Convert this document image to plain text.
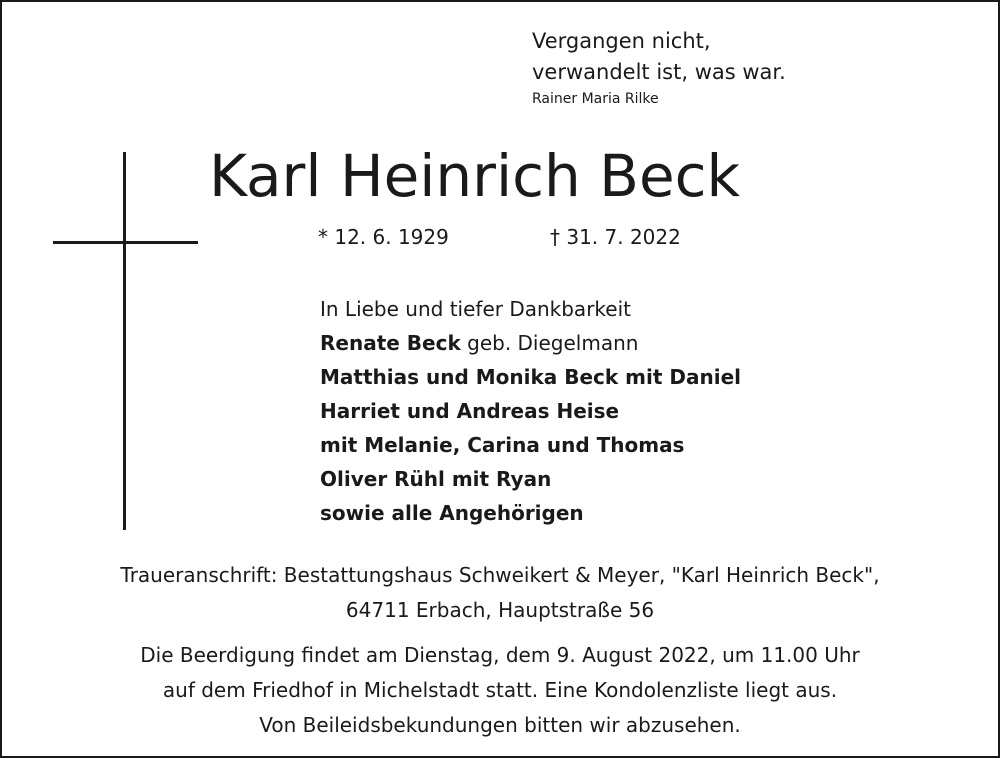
Vergangen nicht,
verwandelt ist, was war.
Rainer Maria Rilke
Karl Heinrich Beck
* 12. 6. 1929	† 31. 7. 2022
In Liebe und tiefer Dankbarkeit
Renate Beck geb. Diegelmann
Matthias und Monika Beck mit Daniel
Harriet und Andreas Heise
mit Melanie, Carina und Thomas
Oliver Rühl mit Ryan
sowie alle Angehörigen
Traueranschrift: Bestattungshaus Schweikert & Meyer, "Karl Heinrich Beck",
64711 Erbach, Hauptstraße 56
Die Beerdigung findet am Dienstag, dem 9. August 2022, um 11.00 Uhr
auf dem Friedhof in Michelstadt statt. Eine Kondolenzliste liegt aus.
Von Beileidsbekundungen bitten wir abzusehen.
